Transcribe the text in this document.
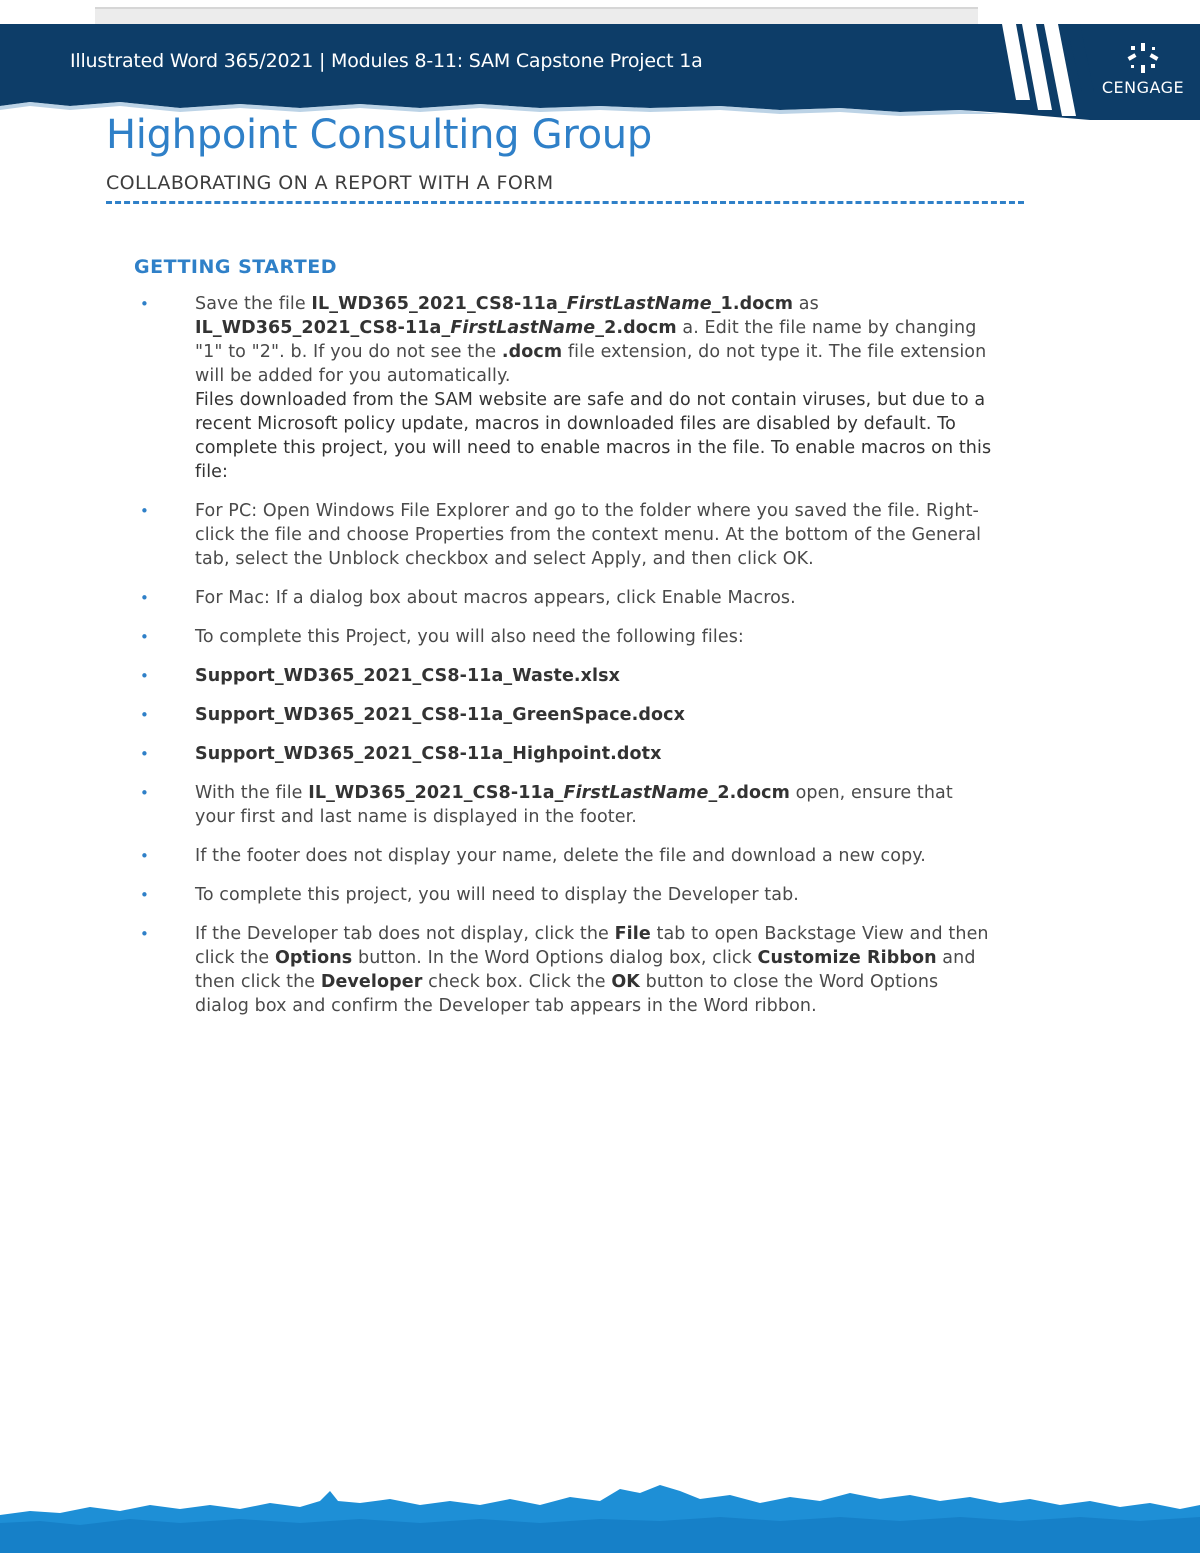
Illustrated Word 365/2021 | Modules 8-11: SAM Capstone Project 1a
CENGAGE
Highpoint Consulting Group
COLLABORATING ON A REPORT WITH A FORM
GETTING STARTED
•	Save the file IL_WD365_2021_CS8-11a_FirstLastName_1.docm as IL_WD365_2021_CS8-11a_FirstLastName_2.docm a. Edit the file name by changing "1" to "2". b. If you do not see the .docm file extension, do not type it. The file extension will be added for you automatically.
Files downloaded from the SAM website are safe and do not contain viruses, but due to a recent Microsoft policy update, macros in downloaded files are disabled by default. To complete this project, you will need to enable macros in the file. To enable macros on this file:
•	For PC: Open Windows File Explorer and go to the folder where you saved the file. Right-click the file and choose Properties from the context menu. At the bottom of the General tab, select the Unblock checkbox and select Apply, and then click OK.
•	For Mac: If a dialog box about macros appears, click Enable Macros.
•	To complete this Project, you will also need the following files:
•	Support_WD365_2021_CS8-11a_Waste.xlsx
•	Support_WD365_2021_CS8-11a_GreenSpace.docx
•	Support_WD365_2021_CS8-11a_Highpoint.dotx
•	With the file IL_WD365_2021_CS8-11a_FirstLastName_2.docm open, ensure that your first and last name is displayed in the footer.
•	If the footer does not display your name, delete the file and download a new copy.
•	To complete this project, you will need to display the Developer tab.
•	If the Developer tab does not display, click the File tab to open Backstage View and then click the Options button. In the Word Options dialog box, click Customize Ribbon and then click the Developer check box. Click the OK button to close the Word Options dialog box and confirm the Developer tab appears in the Word ribbon.
